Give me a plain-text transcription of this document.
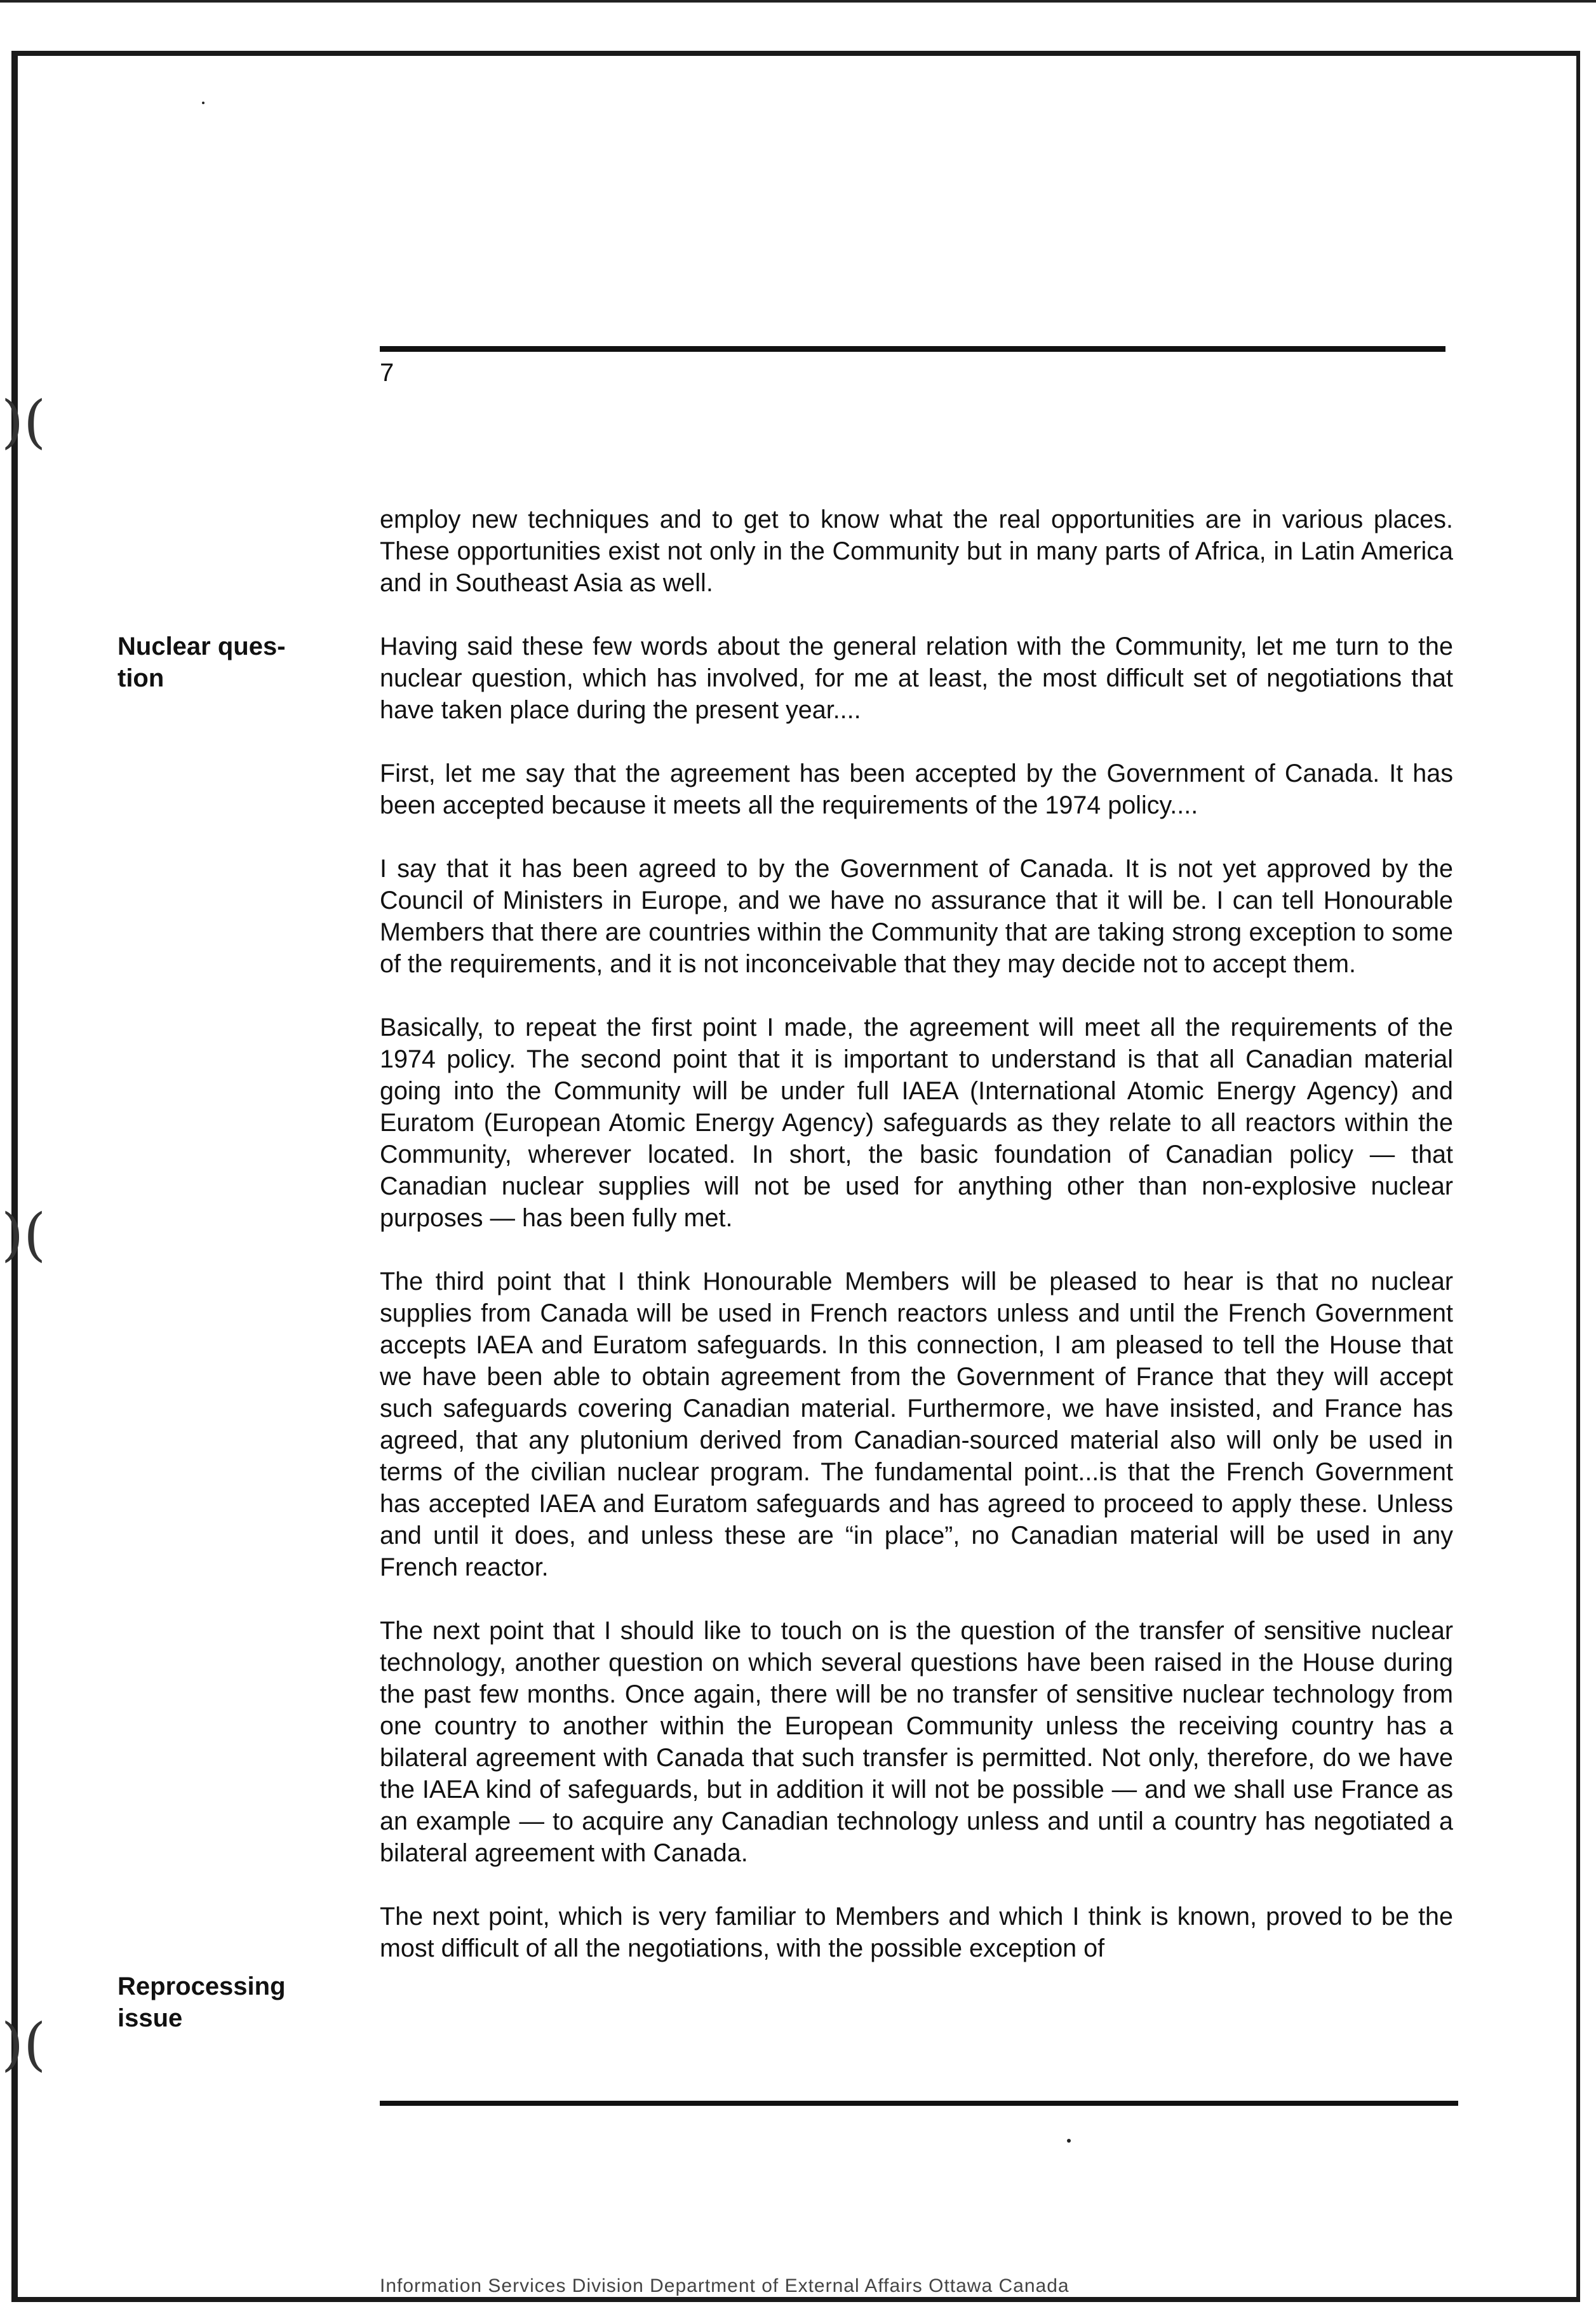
)(
)(
)(
7
Nuclear ques-
tion
Reprocessing
issue

employ new techniques and to get to know what the real opportunities are in various places. These opportunities exist not only in the Community but in many parts of Africa, in Latin America and in Southeast Asia as well.

Having said these few words about the general relation with the Community, let me turn to the nuclear question, which has involved, for me at least, the most difficult set of negotiations that have taken place during the present year....

First, let me say that the agreement has been accepted by the Government of Canada. It has been accepted because it meets all the requirements of the 1974 policy....

I say that it has been agreed to by the Government of Canada. It is not yet approved by the Council of Ministers in Europe, and we have no assurance that it will be. I can tell Honourable Members that there are countries within the Community that are taking strong exception to some of the requirements, and it is not inconceivable that they may decide not to accept them.

Basically, to repeat the first point I made, the agreement will meet all the requirements of the 1974 policy. The second point that it is important to understand is that all Canadian material going into the Community will be under full IAEA (International Atomic Energy Agency) and Euratom (European Atomic Energy Agency) safeguards as they relate to all reactors within the Community, wherever located. In short, the basic foundation of Canadian policy — that Canadian nuclear supplies will not be used for anything other than non-explosive nuclear purposes — has been fully met.

The third point that I think Honourable Members will be pleased to hear is that no nuclear supplies from Canada will be used in French reactors unless and until the French Government accepts IAEA and Euratom safeguards. In this connection, I am pleased to tell the House that we have been able to obtain agreement from the Government of France that they will accept such safeguards covering Canadian material. Furthermore, we have insisted, and France has agreed, that any plutonium derived from Canadian-sourced material also will only be used in terms of the civilian nuclear program. The fundamental point...is that the French Government has accepted IAEA and Euratom safeguards and has agreed to proceed to apply these. Unless and until it does, and unless these are “in place”, no Canadian material will be used in any French reactor.

The next point that I should like to touch on is the question of the transfer of sensitive nuclear technology, another question on which several questions have been raised in the House during the past few months. Once again, there will be no transfer of sensitive nuclear technology from one country to another within the European Community unless the receiving country has a bilateral agreement with Canada that such transfer is permitted. Not only, therefore, do we have the IAEA kind of safeguards, but in addition it will not be possible — and we shall use France as an example — to acquire any Canadian technology unless and until a country has negotiated a bilateral agreement with Canada.

The next point, which is very familiar to Members and which I think is known, proved to be the most difficult of all the negotiations, with the possible exception of

Information Services Division Department of External Affairs Ottawa Canada
